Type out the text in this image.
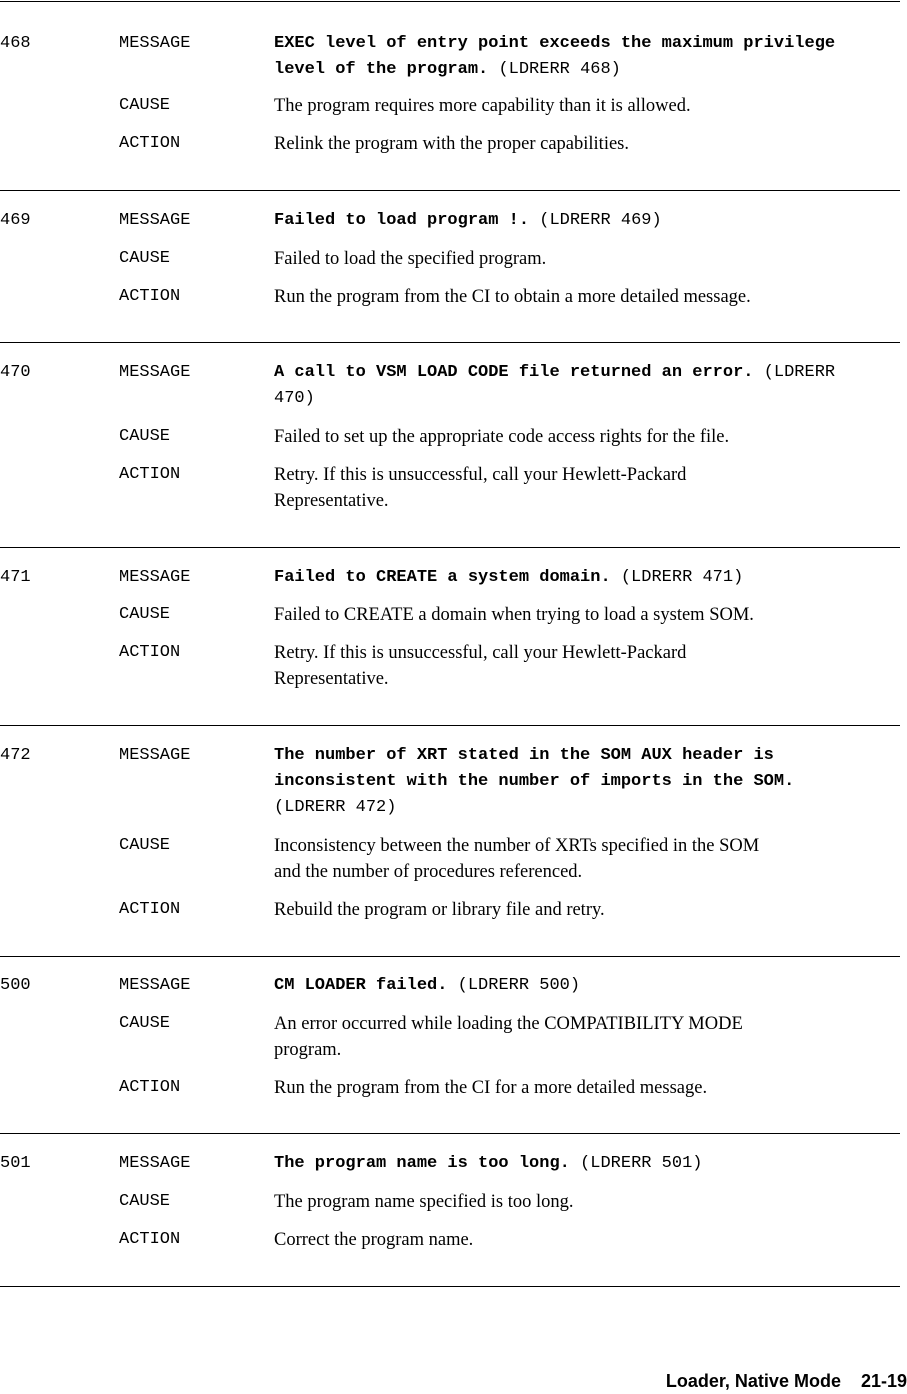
468	MESSAGE	EXEC level of entry point exceeds the maximum privilege
level of the program. (LDRERR 468)
CAUSE	The program requires more capability than it is allowed.
ACTION	Relink the program with the proper capabilities.
469	MESSAGE	Failed to load program !. (LDRERR 469)
CAUSE	Failed to load the specified program.
ACTION	Run the program from the CI to obtain a more detailed message.
470	MESSAGE	A call to VSM LOAD CODE file returned an error. (LDRERR
470)
CAUSE	Failed to set up the appropriate code access rights for the file.
ACTION	Retry. If this is unsuccessful, call your Hewlett-Packard
Representative.
471	MESSAGE	Failed to CREATE a system domain. (LDRERR 471)
CAUSE	Failed to CREATE a domain when trying to load a system SOM.
ACTION	Retry. If this is unsuccessful, call your Hewlett-Packard
Representative.
472	MESSAGE	The number of XRT stated in the SOM AUX header is
inconsistent with the number of imports in the SOM.
(LDRERR 472)
CAUSE	Inconsistency between the number of XRTs specified in the SOM
and the number of procedures referenced.
ACTION	Rebuild the program or library file and retry.
500	MESSAGE	CM LOADER failed. (LDRERR 500)
CAUSE	An error occurred while loading the COMPATIBILITY MODE
program.
ACTION	Run the program from the CI for a more detailed message.
501	MESSAGE	The program name is too long. (LDRERR 501)
CAUSE	The program name specified is too long.
ACTION	Correct the program name.
Loader, Native Mode 21-19
